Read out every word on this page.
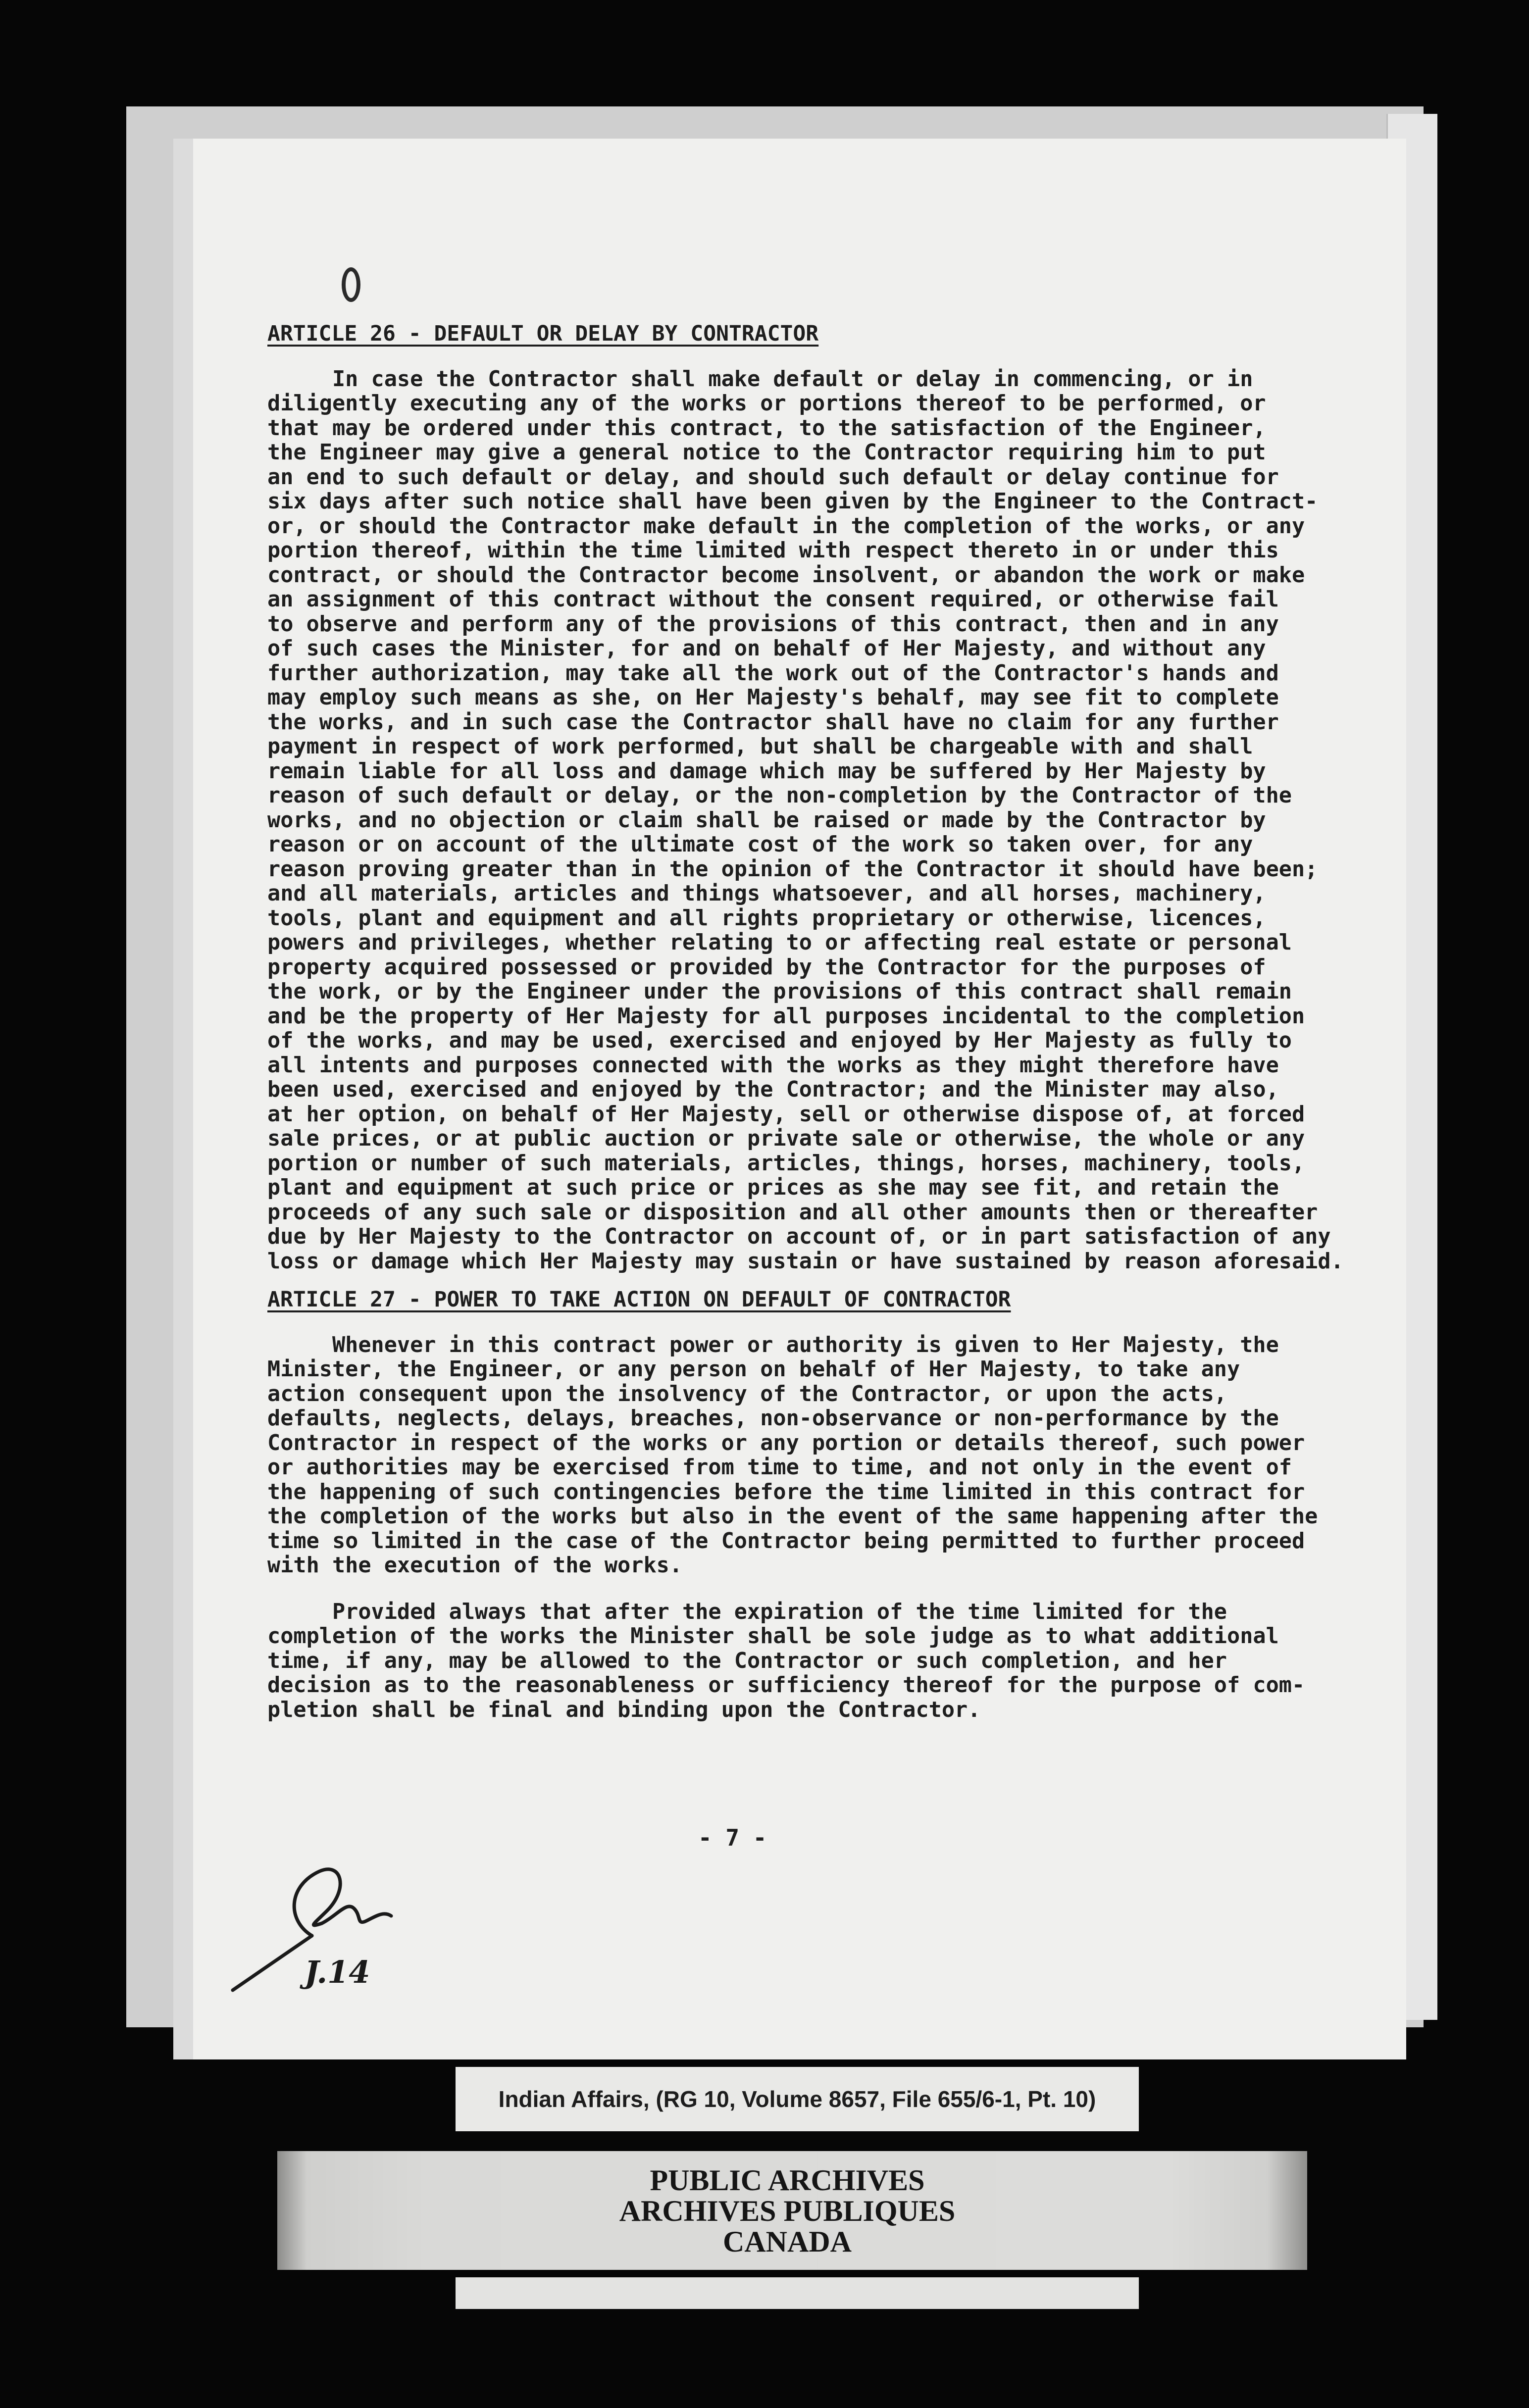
ARTICLE 26 - DEFAULT OR DELAY BY CONTRACTOR
In case the Contractor shall make default or delay in commencing, or in
diligently executing any of the works or portions thereof to be performed, or
that may be ordered under this contract, to the satisfaction of the Engineer,
the Engineer may give a general notice to the Contractor requiring him to put
an end to such default or delay, and should such default or delay continue for
six days after such notice shall have been given by the Engineer to the Contract-
or, or should the Contractor make default in the completion of the works, or any
portion thereof, within the time limited with respect thereto in or under this
contract, or should the Contractor become insolvent, or abandon the work or make
an assignment of this contract without the consent required, or otherwise fail
to observe and perform any of the provisions of this contract, then and in any
of such cases the Minister, for and on behalf of Her Majesty, and without any
further authorization, may take all the work out of the Contractor's hands and
may employ such means as she, on Her Majesty's behalf, may see fit to complete
the works, and in such case the Contractor shall have no claim for any further
payment in respect of work performed, but shall be chargeable with and shall
remain liable for all loss and damage which may be suffered by Her Majesty by
reason of such default or delay, or the non-completion by the Contractor of the
works, and no objection or claim shall be raised or made by the Contractor by
reason or on account of the ultimate cost of the work so taken over, for any
reason proving greater than in the opinion of the Contractor it should have been;
and all materials, articles and things whatsoever, and all horses, machinery,
tools, plant and equipment and all rights proprietary or otherwise, licences,
powers and privileges, whether relating to or affecting real estate or personal
property acquired possessed or provided by the Contractor for the purposes of
the work, or by the Engineer under the provisions of this contract shall remain
and be the property of Her Majesty for all purposes incidental to the completion
of the works, and may be used, exercised and enjoyed by Her Majesty as fully to
all intents and purposes connected with the works as they might therefore have
been used, exercised and enjoyed by the Contractor; and the Minister may also,
at her option, on behalf of Her Majesty, sell or otherwise dispose of, at forced
sale prices, or at public auction or private sale or otherwise, the whole or any
portion or number of such materials, articles, things, horses, machinery, tools,
plant and equipment at such price or prices as she may see fit, and retain the
proceeds of any such sale or disposition and all other amounts then or thereafter
due by Her Majesty to the Contractor on account of, or in part satisfaction of any
loss or damage which Her Majesty may sustain or have sustained by reason aforesaid.
ARTICLE 27 - POWER TO TAKE ACTION ON DEFAULT OF CONTRACTOR
Whenever in this contract power or authority is given to Her Majesty, the
Minister, the Engineer, or any person on behalf of Her Majesty, to take any
action consequent upon the insolvency of the Contractor, or upon the acts,
defaults, neglects, delays, breaches, non-observance or non-performance by the
Contractor in respect of the works or any portion or details thereof, such power
or authorities may be exercised from time to time, and not only in the event of
the happening of such contingencies before the time limited in this contract for
the completion of the works but also in the event of the same happening after the
time so limited in the case of the Contractor being permitted to further proceed
with the execution of the works.
Provided always that after the expiration of the time limited for the
completion of the works the Minister shall be sole judge as to what additional
time, if any, may be allowed to the Contractor or such completion, and her
decision as to the reasonableness or sufficiency thereof for the purpose of com-
pletion shall be final and binding upon the Contractor.
- 7 -
J.14
Indian Affairs, (RG 10, Volume 8657, File 655/6-1, Pt. 10)
PUBLIC ARCHIVES
ARCHIVES PUBLIQUES
CANADA
